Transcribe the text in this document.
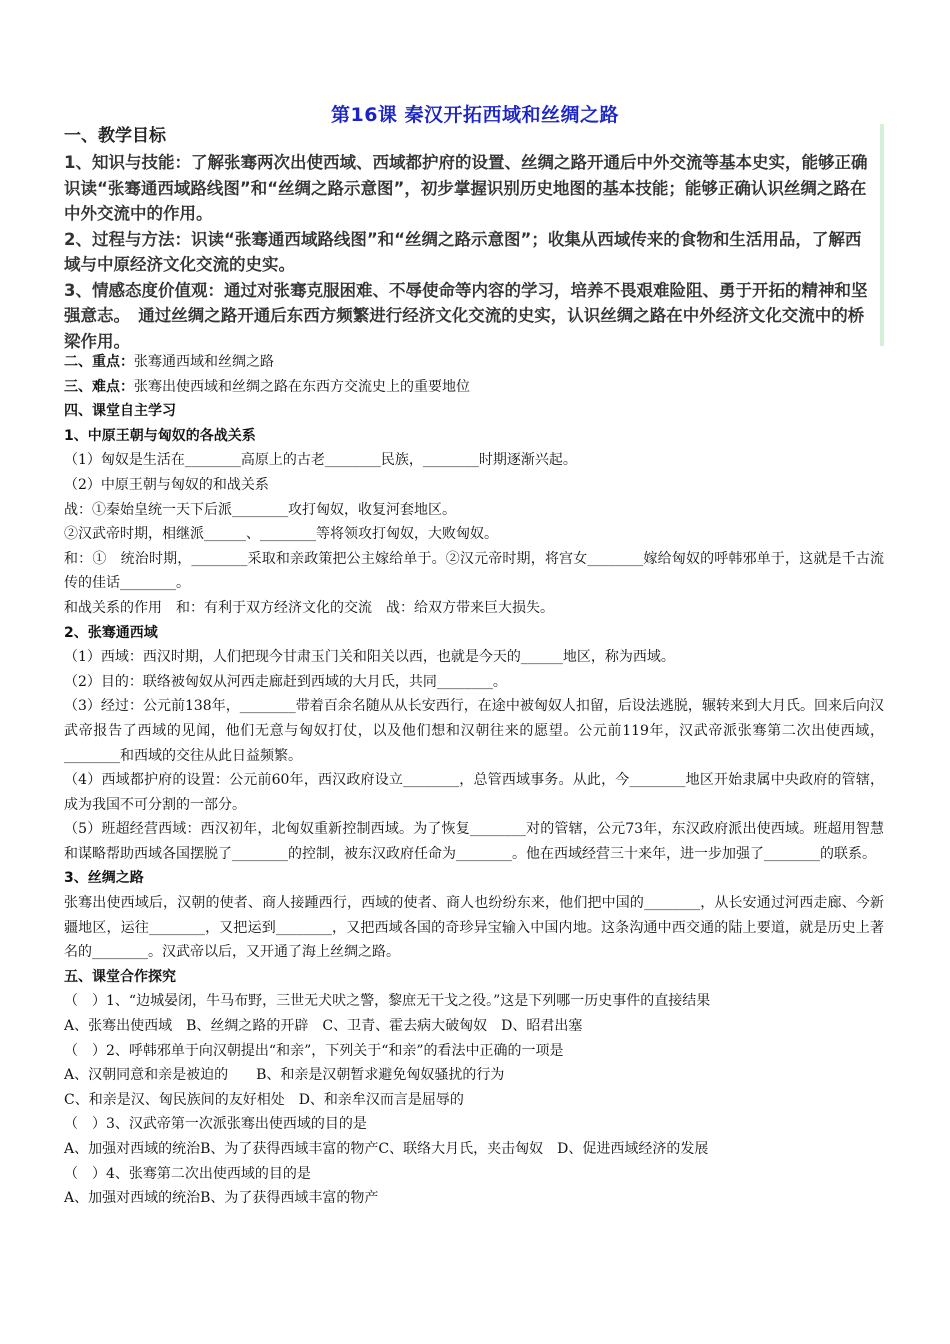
第16课 秦汉开拓西域和丝绸之路

一、教学目标

1、知识与技能：了解张骞两次出使西域、西域都护府的设置、丝绸之路开通后中外交流等基本史实，能够正确识读“张骞通西域路线图”和“丝绸之路示意图”，初步掌握识别历史地图的基本技能；能够正确认识丝绸之路在中外交流中的作用。

2、过程与方法：识读“张骞通西域路线图”和“丝绸之路示意图”；收集从西域传来的食物和生活用品，了解西域与中原经济文化交流的史实。

3、情感态度价值观：通过对张骞克服困难、不辱使命等内容的学习，培养不畏艰难险阻、勇于开拓的精神和坚强意志。　通过丝绸之路开通后东西方频繁进行经济文化交流的史实，认识丝绸之路在中外经济文化交流中的桥梁作用。

二、重点：张骞通西域和丝绸之路

三、难点：张骞出使西域和丝绸之路在东西方交流史上的重要地位

四、课堂自主学习

1、中原王朝与匈奴的各战关系

（1）匈奴是生活在________高原上的古老________民族，________时期逐渐兴起。

（2）中原王朝与匈奴的和战关系

战：①秦始皇统一天下后派________攻打匈奴，收复河套地区。

②汉武帝时期，相继派______、________等将领攻打匈奴，大败匈奴。

和：①　统治时期，________采取和亲政策把公主嫁给单于。②汉元帝时期，将宫女________嫁给匈奴的呼韩邪单于，这就是千古流传的佳话________。

和战关系的作用　和：有利于双方经济文化的交流　战：给双方带来巨大损失。

2、张骞通西域

（1）西域：西汉时期，人们把现今甘肃玉门关和阳关以西，也就是今天的______地区，称为西域。

（2）目的：联络被匈奴从河西走廊赶到西域的大月氏，共同________。

（3）经过：公元前138年，________带着百余名随从从长安西行，在途中被匈奴人扣留，后设法逃脱，辗转来到大月氏。回来后向汉武帝报告了西域的见闻，他们无意与匈奴打仗，以及他们想和汉朝往来的愿望。公元前119年，汉武帝派张骞第二次出使西域，________和西域的交往从此日益频繁。

（4）西域都护府的设置：公元前60年，西汉政府设立________，总管西域事务。从此，今________地区开始隶属中央政府的管辖，成为我国不可分割的一部分。

（5）班超经营西域：西汉初年，北匈奴重新控制西域。为了恢复________对的管辖，公元73年，东汉政府派出使西域。班超用智慧和谋略帮助西域各国摆脱了________的控制，被东汉政府任命为________。他在西域经营三十来年，进一步加强了________的联系。

3、丝绸之路

张骞出使西域后，汉朝的使者、商人接踵西行，西域的使者、商人也纷纷东来，他们把中国的________，从长安通过河西走廊、今新疆地区，运往________，又把运到________，又把西域各国的奇珍异宝输入中国内地。这条沟通中西交通的陆上要道，就是历史上著名的________。汉武帝以后，又开通了海上丝绸之路。

五、课堂合作探究

（　）1、“边城晏闭，牛马布野，三世无犬吠之警，黎庶无干戈之役。”这是下列哪一历史事件的直接结果

A、张骞出使西域　B、丝绸之路的开辟　C、卫青、霍去病大破匈奴　D、昭君出塞

（　）2、呼韩邪单于向汉朝提出“和亲”，下列关于“和亲”的看法中正确的一项是

A、汉朝同意和亲是被迫的　　B、和亲是汉朝暂求避免匈奴骚扰的行为

C、和亲是汉、匈民族间的友好相处　D、和亲牟汉而言是屈辱的

（　）3、汉武帝第一次派张骞出使西域的目的是

A、加强对西域的统治B、为了获得西域丰富的物产C、联络大月氏，夹击匈奴　D、促进西域经济的发展

（　）4、张骞第二次出使西域的目的是

A、加强对西域的统治B、为了获得西域丰富的物产
